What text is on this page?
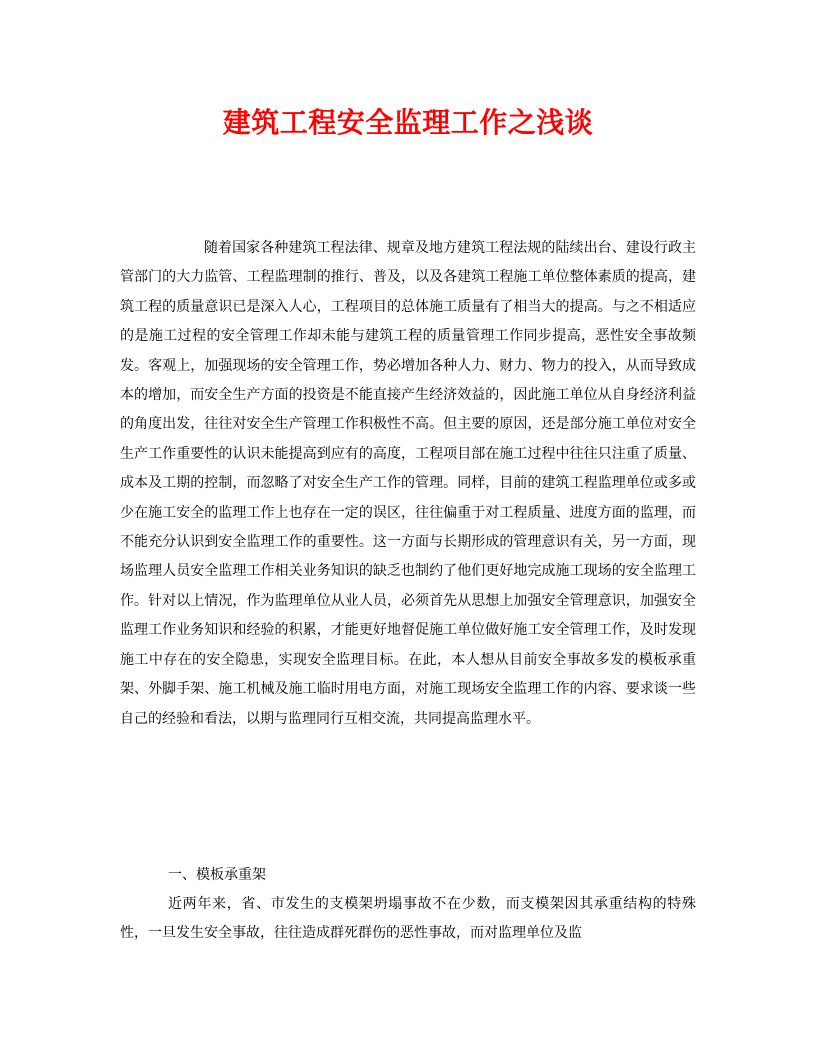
建筑工程安全监理工作之浅谈

随着国家各种建筑工程法律、规章及地方建筑工程法规的陆续出台、建设行政主管部门的大力监管、工程监理制的推行、普及，以及各建筑工程施工单位整体素质的提高，建筑工程的质量意识已是深入人心，工程项目的总体施工质量有了相当大的提高。与之不相适应的是施工过程的安全管理工作却未能与建筑工程的质量管理工作同步提高，恶性安全事故频发。客观上，加强现场的安全管理工作，势必增加各种人力、财力、物力的投入，从而导致成本的增加，而安全生产方面的投资是不能直接产生经济效益的，因此施工单位从自身经济利益的角度出发，往往对安全生产管理工作积极性不高。但主要的原因，还是部分施工单位对安全生产工作重要性的认识未能提高到应有的高度，工程项目部在施工过程中往往只注重了质量、成本及工期的控制，而忽略了对安全生产工作的管理。同样，目前的建筑工程监理单位或多或少在施工安全的监理工作上也存在一定的误区，往往偏重于对工程质量、进度方面的监理，而不能充分认识到安全监理工作的重要性。这一方面与长期形成的管理意识有关，另一方面，现场监理人员安全监理工作相关业务知识的缺乏也制约了他们更好地完成施工现场的安全监理工作。针对以上情况，作为监理单位从业人员，必须首先从思想上加强安全管理意识，加强安全监理工作业务知识和经验的积累，才能更好地督促施工单位做好施工安全管理工作，及时发现施工中存在的安全隐患，实现安全监理目标。在此，本人想从目前安全事故多发的模板承重架、外脚手架、施工机械及施工临时用电方面，对施工现场安全监理工作的内容、要求谈一些自己的经验和看法，以期与监理同行互相交流，共同提高监理水平。

一、模板承重架

近两年来，省、市发生的支模架坍塌事故不在少数，而支模架因其承重结构的特殊性，一旦发生安全事故，往往造成群死群伤的恶性事故，而对监理单位及监
